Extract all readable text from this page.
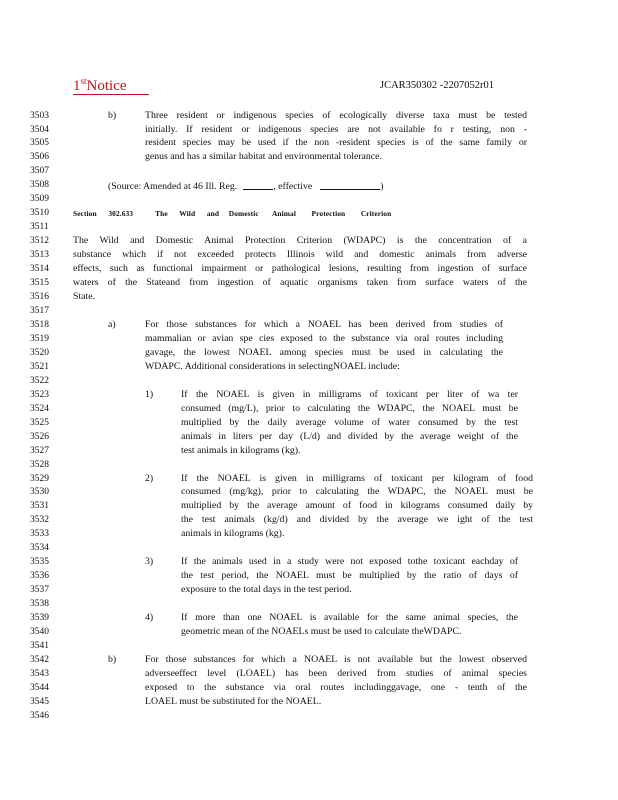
1stNotice	JCAR350302 -2207052r01
3503
3504
3505
3506
3507
3508
3509
3510
3511
3512
3513
3514
3515
3516
3517
3518
3519
3520
3521
3522
3523
3524
3525
3526
3527
3528
3529
3530
3531
3532
3533
3534
3535
3536
3537
3538
3539
3540
3541
3542
3543
3544
3545
3546
b)	Three resident or indigenous species of ecologically diverse taxa must be tested
initially. If resident or indigenous species are not available fo r testing, non -
resident species may be used if the non -resident species is of the same family or
genus and has a similar habitat and environmental tolerance.
(Source: Amended at 46 Ill. Reg.	, effective	)
Section      302.633	The      Wild      and     Domestic       Animal        Protection        Criterion
The Wild and Domestic Animal Protection Criterion (WDAPC) is the concentration of a
substance which if not exceeded protects Illinois wild and domestic animals from adverse
effects, such as functional impairment or pathological lesions, resulting from ingestion of surface
waters of the Stateand from ingestion of aquatic organisms taken from surface waters of the
State.
a)	For those substances for which a NOAEL has been derived from studies of
mammalian or avian spe cies exposed to the substance via oral routes including
gavage, the lowest NOAEL among species must be used in calculating the
WDAPC. Additional considerations in selectingNOAEL include:
1)	If the NOAEL is given in milligrams of toxicant per liter of wa ter
consumed (mg/L), prior to calculating the WDAPC, the NOAEL must be
multiplied by the daily average volume of water consumed by the test
animals in liters per day (L/d) and divided by the average weight of the
test animals in kilograms (kg).
2)	If the NOAEL is given in milligrams of toxicant per kilogram of food
consumed (mg/kg), prior to calculating the WDAPC, the NOAEL must be
multiplied by the average amount of food in kilograms consumed daily by
the test animals (kg/d) and divided by the average we ight of the test
animals in kilograms (kg).
3)	If the animals used in a study were not exposed tothe toxicant eachday of
the test period, the NOAEL must be multiplied by the ratio of days of
exposure to the total days in the test period.
4)	If more than one NOAEL is available for the same animal species, the
geometric mean of the NOAELs must be used to calculate theWDAPC.
b)	For those substances for which a NOAEL is not available but the lowest observed
adverseeffect level (LOAEL) has been derived from studies of animal species
exposed to the substance via oral routes includinggavage, one - tenth of the
LOAEL must be substituted for the NOAEL.
